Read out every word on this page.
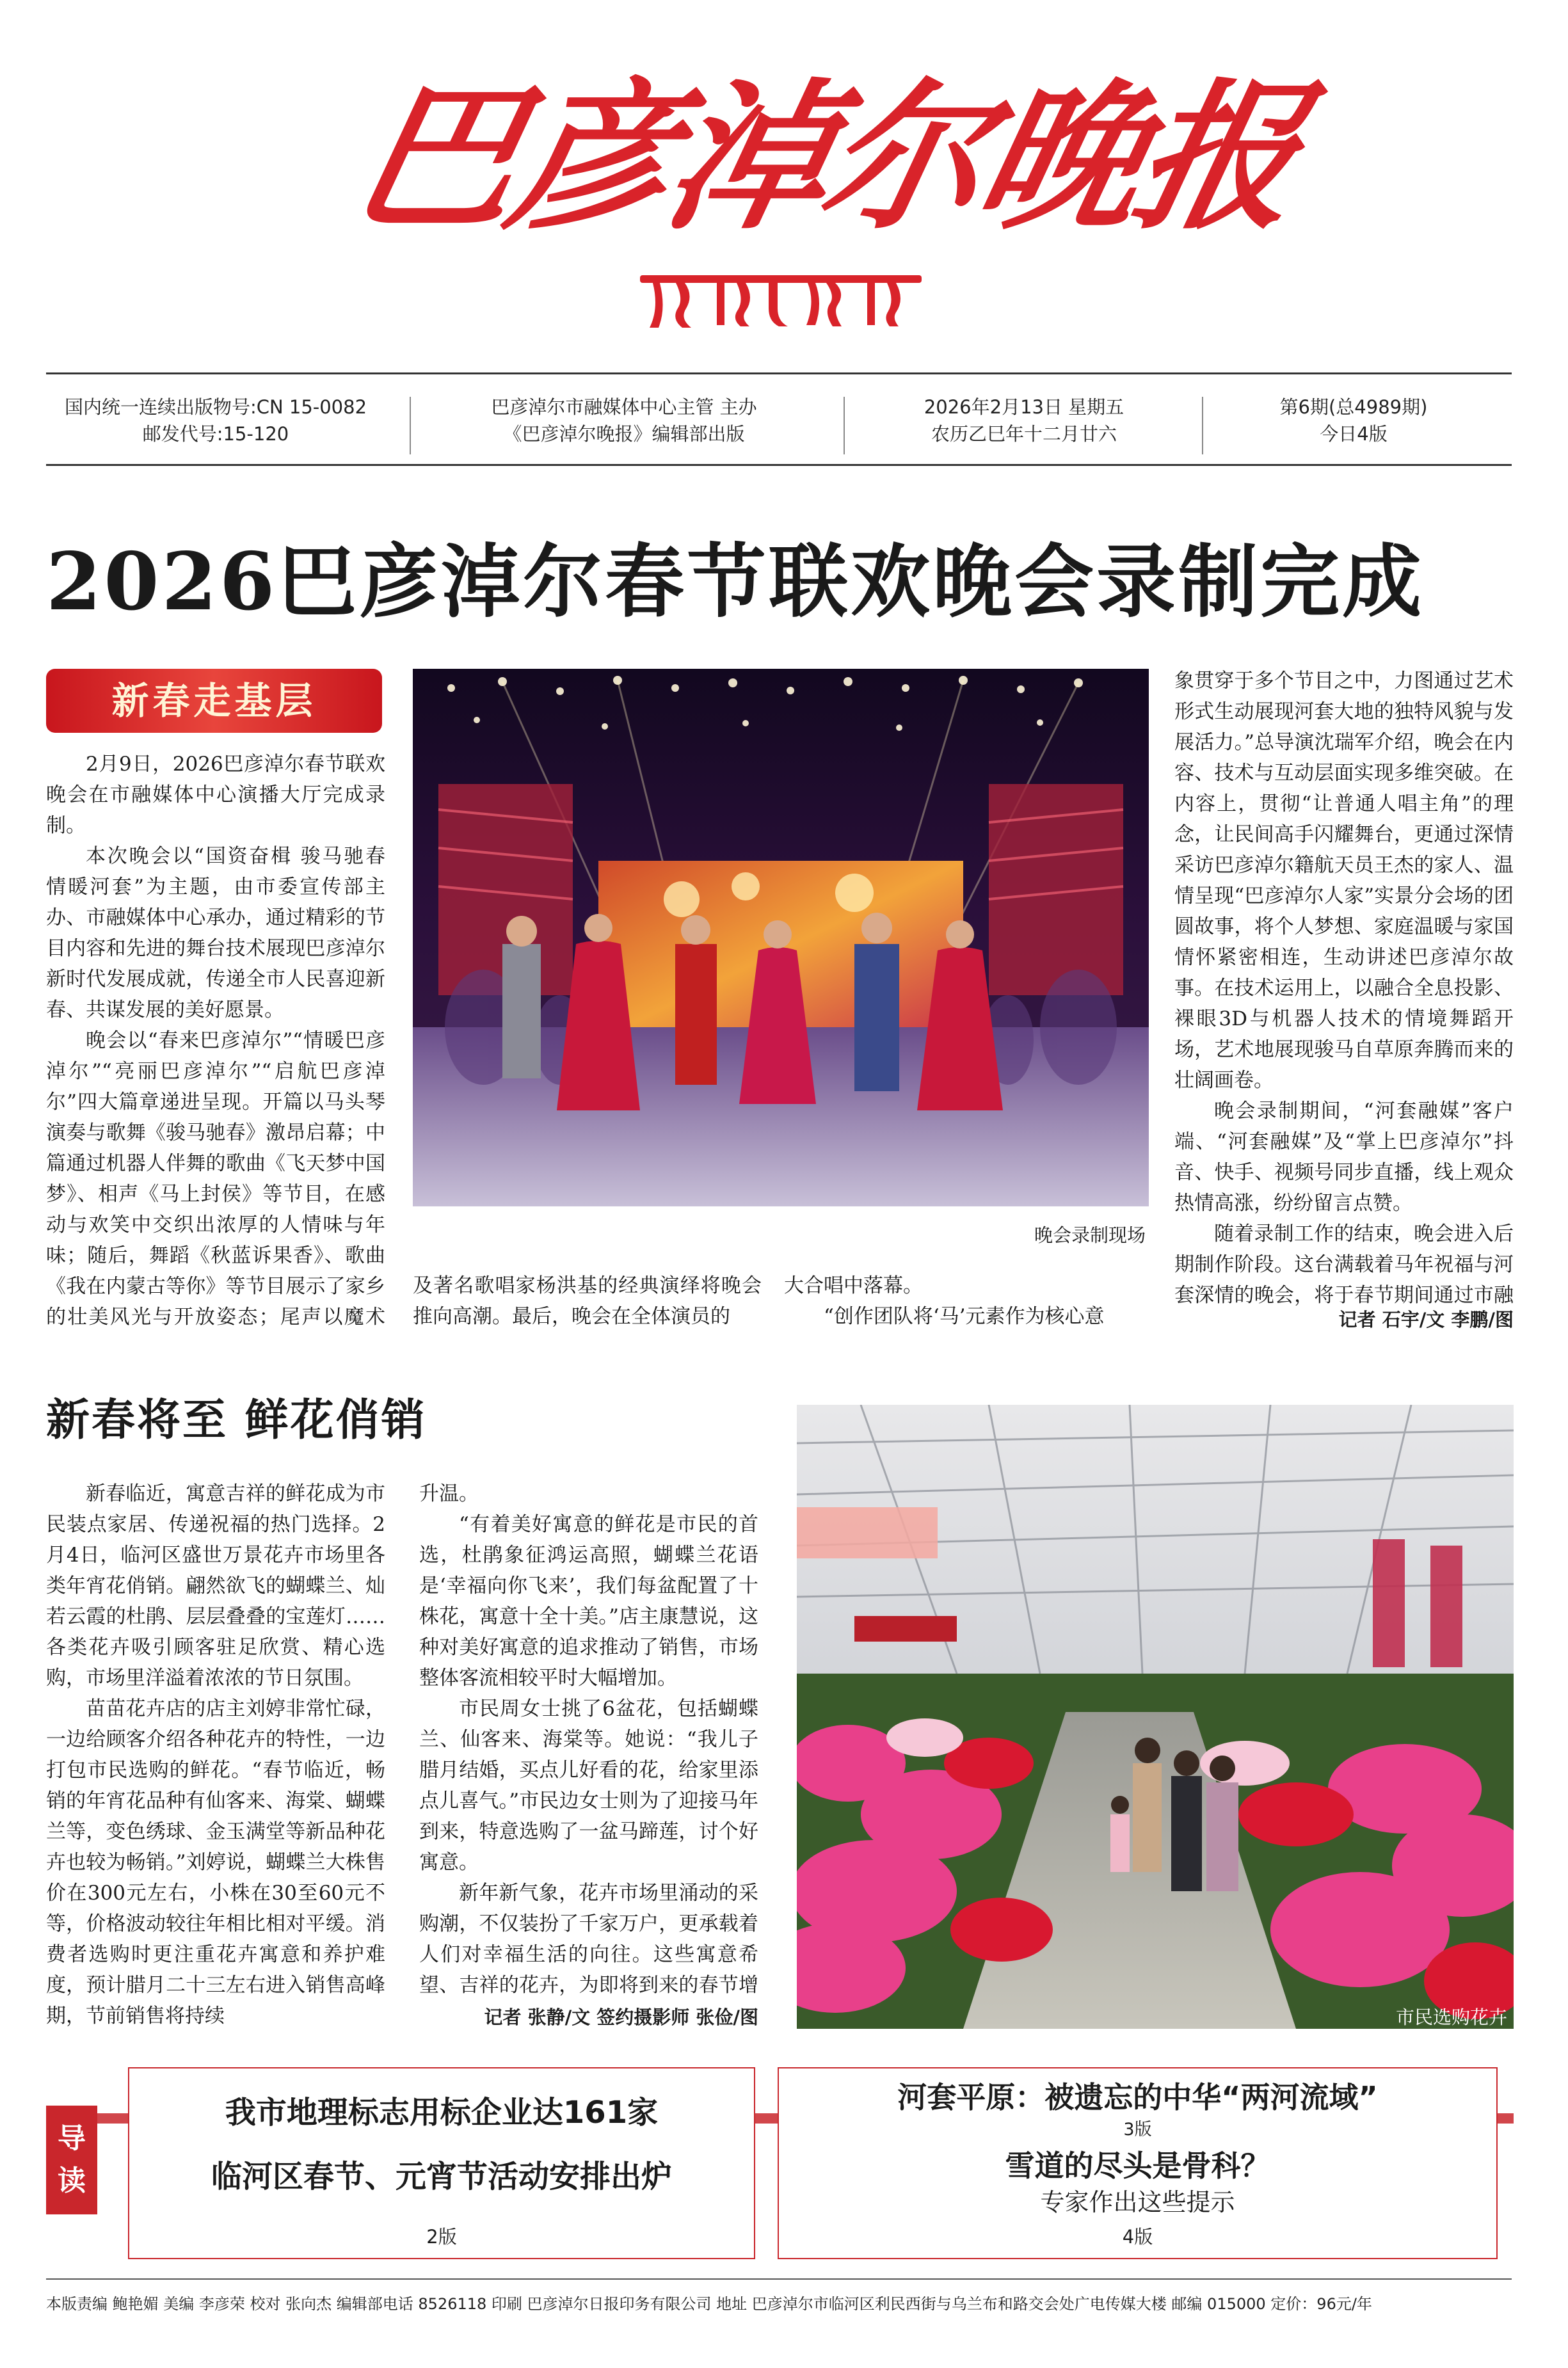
巴彦淖尔晚报
国内统一连续出版物号:CN 15-0082
邮发代号:15-120
巴彦淖尔市融媒体中心主管 主办
《巴彦淖尔晚报》编辑部出版
2026年2月13日 星期五
农历乙巳年十二月廿六
第6期(总4989期)
今日4版
2026巴彦淖尔春节联欢晚会录制完成
新春走基层

2月9日，2026巴彦淖尔春节联欢晚会在市融媒体中心演播大厅完成录制。

本次晚会以“国资奋楫 骏马驰春 情暖河套”为主题，由市委宣传部主办、市融媒体中心承办，通过精彩的节目内容和先进的舞台技术展现巴彦淖尔新时代发展成就，传递全市人民喜迎新春、共谋发展的美好愿景。

晚会以“春来巴彦淖尔”“情暖巴彦淖尔”“亮丽巴彦淖尔”“启航巴彦淖尔”四大篇章递进呈现。开篇以马头琴演奏与歌舞《骏马驰春》激昂启幕；中篇通过机器人伴舞的歌曲《飞天梦中国梦》、相声《马上封侯》等节目，在感动与欢笑中交织出浓厚的人情味与年味；随后，舞蹈《秋蓝诉果香》、歌曲《我在内蒙古等你》等节目展示了家乡的壮美风光与开放姿态；尾声以魔术

晚会录制现场
及著名歌唱家杨洪基的经典演绎将晚会推向高潮。最后，晚会在全体演员的
大合唱中落幕。

“创作团队将‘马’元素作为核心意

象贯穿于多个节目之中，力图通过艺术形式生动展现河套大地的独特风貌与发展活力。”总导演沈瑞军介绍，晚会在内容、技术与互动层面实现多维突破。在内容上，贯彻“让普通人唱主角”的理念，让民间高手闪耀舞台，更通过深情采访巴彦淖尔籍航天员王杰的家人、温情呈现“巴彦淖尔人家”实景分会场的团圆故事，将个人梦想、家庭温暖与家国情怀紧密相连，生动讲述巴彦淖尔故事。在技术运用上，以融合全息投影、裸眼3D与机器人技术的情境舞蹈开场，艺术地展现骏马自草原奔腾而来的壮阔画卷。

晚会录制期间，“河套融媒”客户端、“河套融媒”及“掌上巴彦淖尔”抖音、快手、视频号同步直播，线上观众热情高涨，纷纷留言点赞。

随着录制工作的结束，晚会进入后期制作阶段。这台满载着马年祝福与河套深情的晚会，将于春节期间通过市融

记者 石宇/文 李鹏/图
新春将至 鲜花俏销

新春临近，寓意吉祥的鲜花成为市民装点家居、传递祝福的热门选择。2月4日，临河区盛世万景花卉市场里各类年宵花俏销。翩然欲飞的蝴蝶兰、灿若云霞的杜鹃、层层叠叠的宝莲灯……各类花卉吸引顾客驻足欣赏、精心选购，市场里洋溢着浓浓的节日氛围。

苗苗花卉店的店主刘婷非常忙碌，一边给顾客介绍各种花卉的特性，一边打包市民选购的鲜花。“春节临近，畅销的年宵花品种有仙客来、海棠、蝴蝶兰等，变色绣球、金玉满堂等新品种花卉也较为畅销。”刘婷说，蝴蝶兰大株售价在300元左右，小株在30至60元不等，价格波动较往年相比相对平缓。消费者选购时更注重花卉寓意和养护难度，预计腊月二十三左右进入销售高峰期，节前销售将持续

升温。

“有着美好寓意的鲜花是市民的首选，杜鹃象征鸿运高照，蝴蝶兰花语是‘幸福向你飞来’，我们每盆配置了十株花，寓意十全十美。”店主康慧说，这种对美好寓意的追求推动了销售，市场整体客流相较平时大幅增加。

市民周女士挑了6盆花，包括蝴蝶兰、仙客来、海棠等。她说：“我儿子腊月结婚，买点儿好看的花，给家里添点儿喜气。”市民边女士则为了迎接马年到来，特意选购了一盆马蹄莲，讨个好寓意。

新年新气象，花卉市场里涌动的采购潮，不仅装扮了千家万户，更承载着人们对幸福生活的向往。这些寓意希望、吉祥的花卉，为即将到来的春节增

记者 张静/文 签约摄影师 张俭/图	市民选购花卉
导读
我市地理标志用标企业达161家
临河区春节、元宵节活动安排出炉
2版
河套平原：被遗忘的中华“两河流域”
3版
雪道的尽头是骨科？
专家作出这些提示
4版
本版责编 鲍艳媚 美编 李彦荣 校对 张向杰 编辑部电话 8526118 印刷 巴彦淖尔日报印务有限公司 地址 巴彦淖尔市临河区利民西街与乌兰布和路交会处广电传媒大楼 邮编 015000 定价：96元/年
